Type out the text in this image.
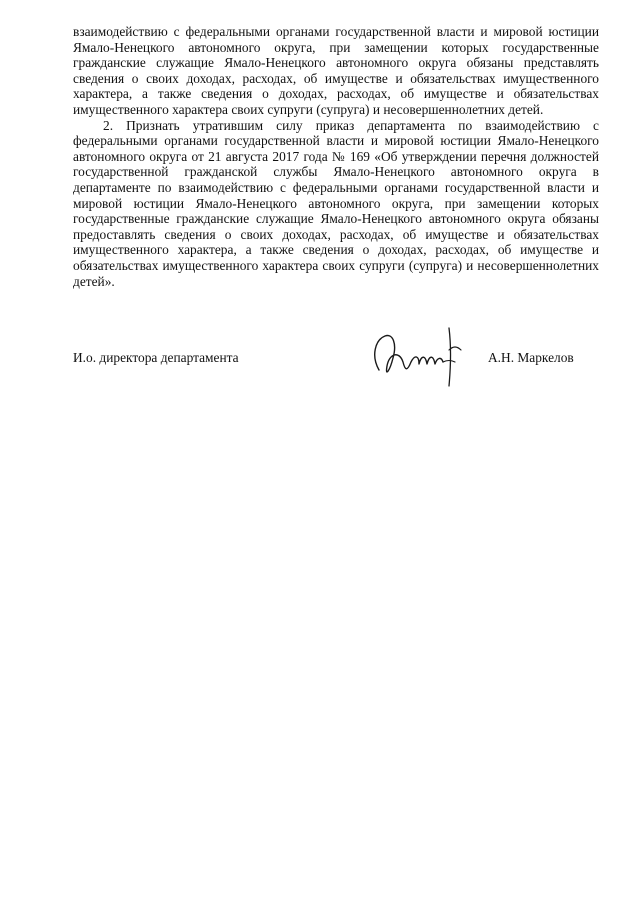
взаимодействию с федеральными органами государственной власти и мировой юстиции Ямало-Ненецкого автономного округа, при замещении которых государственные гражданские служащие Ямало-Ненецкого автономного округа обязаны представлять сведения о своих доходах, расходах, об имуществе и обязательствах имущественного характера, а также сведения о доходах, расходах, об имуществе и обязательствах имущественного характера своих супруги (супруга) и несовершеннолетних детей.

2. Признать утратившим силу приказ департамента по взаимодействию с федеральными органами государственной власти и мировой юстиции Ямало-Ненецкого автономного округа от 21 августа 2017 года № 169 «Об утверждении перечня должностей государственной гражданской службы Ямало-Ненецкого автономного округа в департаменте по взаимодействию с федеральными органами государственной власти и мировой юстиции Ямало-Ненецкого автономного округа, при замещении которых государственные гражданские служащие Ямало-Ненецкого автономного округа обязаны предоставлять сведения о своих доходах, расходах, об имуществе и обязательствах имущественного характера, а также сведения о доходах, расходах, об имуществе и обязательствах имущественного характера своих супруги (супруга) и несовершеннолетних детей».

И.о. директора департамента	А.Н. Маркелов
